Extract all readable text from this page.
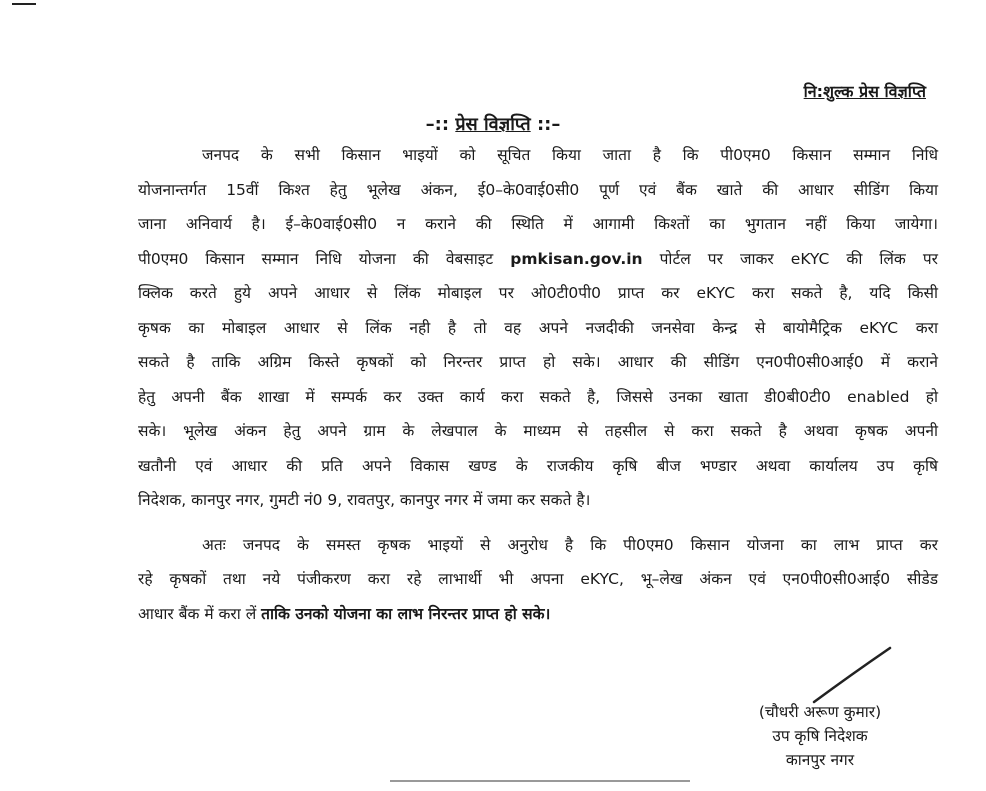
नि:शुल्क प्रेस विज्ञप्ति
–:: प्रेस विज्ञप्ति ::–
जनपद के सभी किसान भाइयों को सूचित किया जाता है कि पी0एम0 किसान सम्मान निधि
योजनान्तर्गत 15वीं किश्त हेतु भूलेख अंकन, ई0–के0वाई0सी0 पूर्ण एवं बैंक खाते की आधार सीडिंग किया
जाना अनिवार्य है। ई–के0वाई0सी0 न कराने की स्थिति में आगामी किश्तों का भुगतान नहीं किया जायेगा।
पी0एम0 किसान सम्मान निधि योजना की वेबसाइट pmkisan.gov.in पोर्टल पर जाकर eKYC की लिंक पर
क्लिक करते हुये अपने आधार से लिंक मोबाइल पर ओ0टी0पी0 प्राप्त कर eKYC करा सकते है, यदि किसी
कृषक का मोबाइल आधार से लिंक नही है तो वह अपने नजदीकी जनसेवा केन्द्र से बायोमैट्रिक eKYC करा
सकते है ताकि अग्रिम किस्ते कृषकों को निरन्तर प्राप्त हो सके। आधार की सीडिंग एन0पी0सी0आई0 में कराने
हेतु अपनी बैंक शाखा में सम्पर्क कर उक्त कार्य करा सकते है, जिससे उनका खाता डी0बी0टी0 enabled हो
सके। भूलेख अंकन हेतु अपने ग्राम के लेखपाल के माध्यम से तहसील से करा सकते है अथवा कृषक अपनी
खतौनी एवं आधार की प्रति अपने विकास खण्ड के राजकीय कृषि बीज भण्डार अथवा कार्यालय उप कृषि
निदेशक, कानपुर नगर, गुमटी नं0 9, रावतपुर, कानपुर नगर में जमा कर सकते है।
अतः जनपद के समस्त कृषक भाइयों से अनुरोध है कि पी0एम0 किसान योजना का लाभ प्राप्त कर
रहे कृषकों तथा नये पंजीकरण करा रहे लाभार्थी भी अपना eKYC, भू–लेख अंकन एवं एन0पी0सी0आई0 सीडेड
आधार बैंक में करा लें ताकि उनको योजना का लाभ निरन्तर प्राप्त हो सके।
(चौधरी अरूण कुमार)
उप कृषि निदेशक
कानपुर नगर
